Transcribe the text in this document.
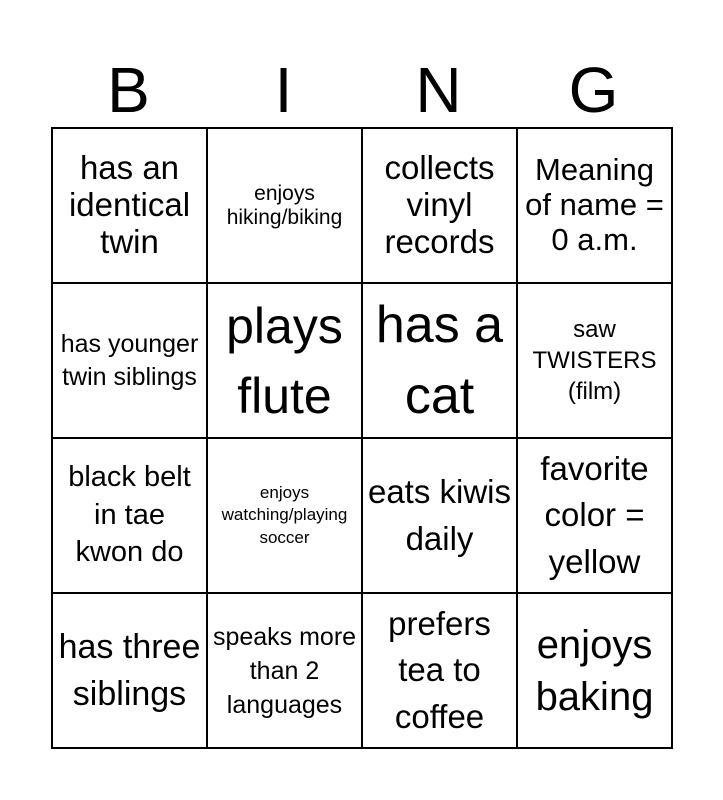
B	I	N	G
has an identical twin	enjoys hiking/biking	collects vinyl records	Meaning of name = 0 a.m.
has younger twin siblings	plays flute	has a cat	saw TWISTERS (film)
black belt in tae kwon do	enjoys watching/playing soccer	eats kiwis daily	favorite color = yellow
has three siblings	speaks more than 2 languages	prefers tea to coffee	enjoys baking
